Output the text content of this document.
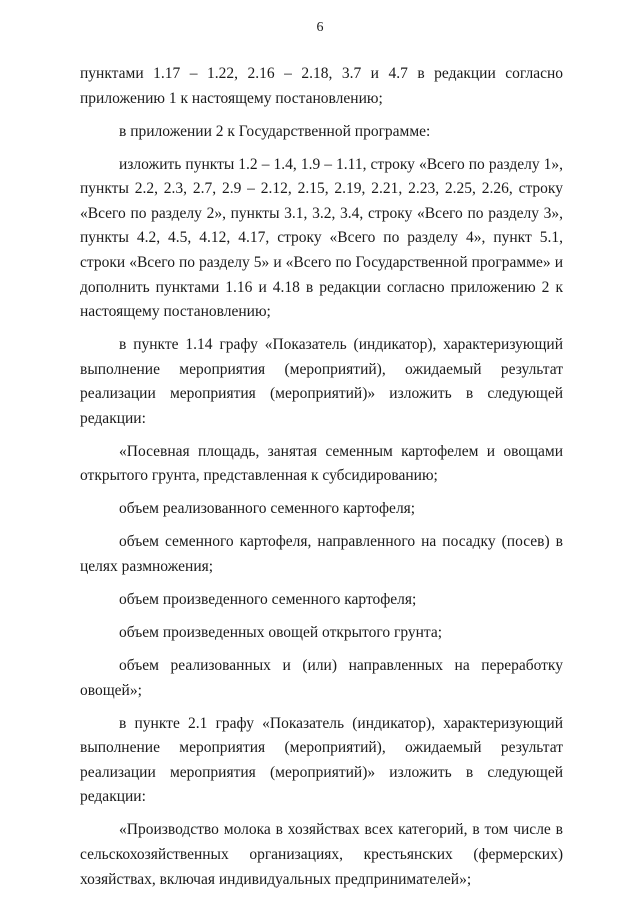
6

пунктами 1.17 – 1.22, 2.16 – 2.18, 3.7 и 4.7 в редакции согласно приложению 1 к настоящему постановлению;

в приложении 2 к Государственной программе:

изложить пункты 1.2 – 1.4, 1.9 – 1.11, строку «Всего по разделу 1», пункты 2.2, 2.3, 2.7, 2.9 – 2.12, 2.15, 2.19, 2.21, 2.23, 2.25, 2.26, строку «Всего по разделу 2», пункты 3.1, 3.2, 3.4, строку «Всего по разделу 3», пункты 4.2, 4.5, 4.12, 4.17, строку «Всего по разделу 4», пункт 5.1, строки «Всего по разделу 5» и «Всего по Государственной программе» и дополнить пунктами 1.16 и 4.18 в редакции согласно приложению 2 к настоящему постановлению;

в пункте 1.14 графу «Показатель (индикатор), характеризующий выполнение мероприятия (мероприятий), ожидаемый результат реализации мероприятия (мероприятий)» изложить в следующей редакции:

«Посевная площадь, занятая семенным картофелем и овощами открытого грунта, представленная к субсидированию;

объем реализованного семенного картофеля;

объем семенного картофеля, направленного на посадку (посев) в целях размножения;

объем произведенного семенного картофеля;

объем произведенных овощей открытого грунта;

объем реализованных и (или) направленных на переработку овощей»;

в пункте 2.1 графу «Показатель (индикатор), характеризующий выполнение мероприятия (мероприятий), ожидаемый результат реализации мероприятия (мероприятий)» изложить в следующей редакции:

«Производство молока в хозяйствах всех категорий, в том числе в сельскохозяйственных организациях, крестьянских (фермерских) хозяйствах, включая индивидуальных предпринимателей»;
